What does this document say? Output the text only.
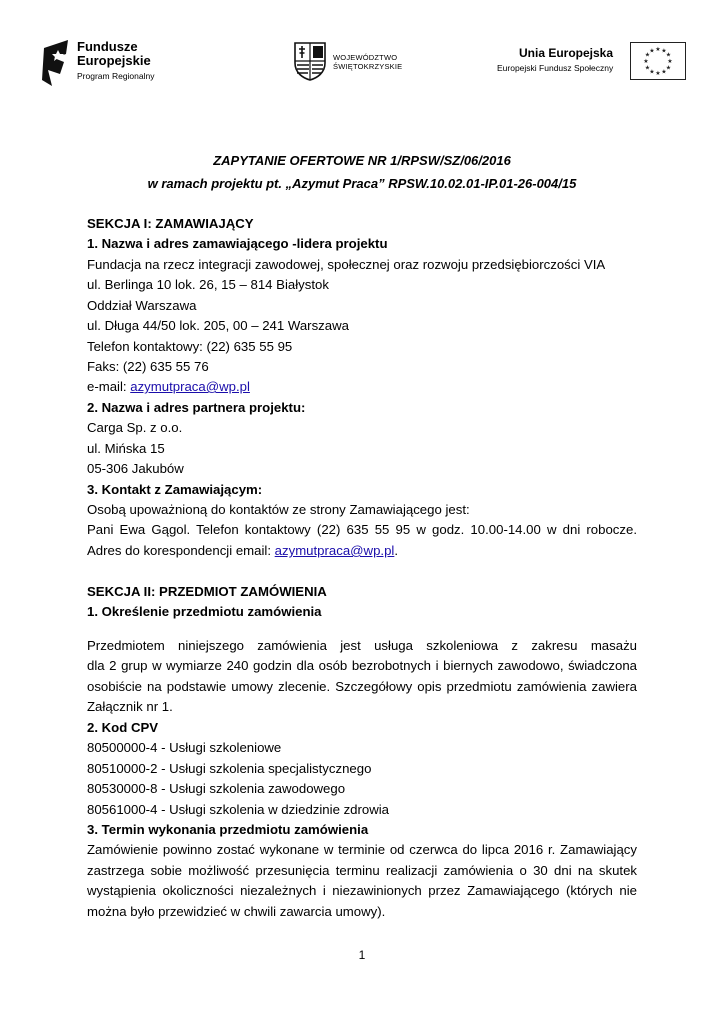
Fundusze
Europejskie
Program Regionalny
WOJEWÓDZTWO
ŚWIĘTOKRZYSKIE
Unia Europejska
Europejski Fundusz Społeczny
★ ★
★
★
★
★
★
★
★
★
★
★
ZAPYTANIE OFERTOWE NR 1/RPSW/SZ/06/2016
w ramach projektu pt. „Azymut Praca” RPSW.10.02.01-IP.01-26-004/15
SEKCJA I: ZAMAWIAJĄCY
1. Nazwa i adres zamawiającego -lidera projektu
Fundacja na rzecz integracji zawodowej, społecznej oraz rozwoju przedsiębiorczości VIA
ul. Berlinga 10 lok. 26, 15 – 814 Białystok
Oddział Warszawa
ul. Długa 44/50 lok. 205, 00 – 241 Warszawa
Telefon kontaktowy: (22) 635 55 95
Faks: (22) 635 55 76
e-mail: azymutpraca@wp.pl
2. Nazwa i adres partnera projektu:
Carga Sp. z o.o.
ul. Mińska 15
05-306 Jakubów
3. Kontakt z Zamawiającym:
Osobą upoważnioną do kontaktów ze strony Zamawiającego jest:
Pani Ewa Gągol. Telefon kontaktowy (22) 635 55 95 w godz. 10.00-14.00 w dni robocze.
Adres do korespondencji email: azymutpraca@wp.pl.
SEKCJA II: PRZEDMIOT ZAMÓWIENIA
1. Określenie przedmiotu zamówienia
Przedmiotem niniejszego zamówienia jest usługa szkoleniowa z zakresu masażu
dla 2 grup w wymiarze 240 godzin dla osób bezrobotnych i biernych zawodowo, świadczona
osobiście na podstawie umowy zlecenie. Szczegółowy opis przedmiotu zamówienia zawiera
Załącznik nr 1.
2. Kod CPV
80500000-4 - Usługi szkoleniowe
80510000-2 - Usługi szkolenia specjalistycznego
80530000-8 - Usługi szkolenia zawodowego
80561000-4 - Usługi szkolenia w dziedzinie zdrowia
3. Termin wykonania przedmiotu zamówienia
Zamówienie powinno zostać wykonane w terminie od czerwca do lipca 2016 r. Zamawiający
zastrzega sobie możliwość przesunięcia terminu realizacji zamówienia o 30 dni na skutek
wystąpienia okoliczności niezależnych i niezawinionych przez Zamawiającego (których nie
można było przewidzieć w chwili zawarcia umowy).
1
